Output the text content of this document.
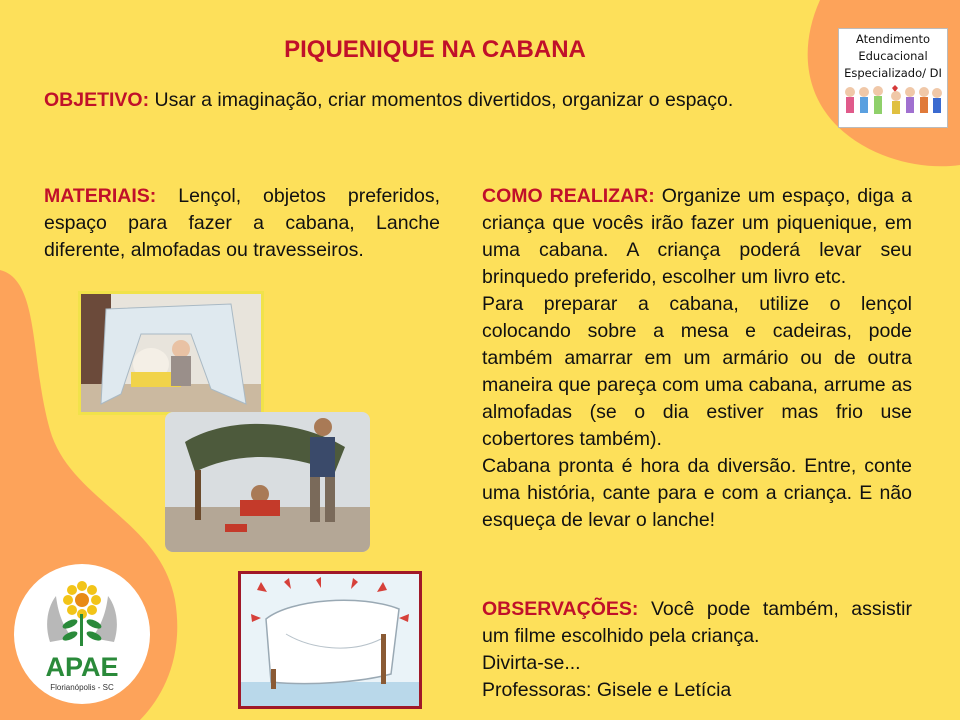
PIQUENIQUE NA CABANA
OBJETIVO: Usar a imaginação, criar momentos divertidos, organizar o espaço.
MATERIAIS: Lençol, objetos preferidos, espaço para fazer a cabana, Lanche diferente, almofadas ou travesseiros.

COMO REALIZAR: Organize um espaço, diga a criança que vocês irão fazer um piquenique, em uma cabana. A criança poderá levar seu brinquedo preferido, escolher um livro etc.

Para preparar a cabana, utilize o lençol colocando sobre a mesa e cadeiras, pode também amarrar em um armário ou de outra maneira que pareça com uma cabana, arrume as almofadas (se o dia estiver mas frio use cobertores também).

Cabana pronta é hora da diversão. Entre, conte uma história, cante para e com a criança. E não esqueça de levar o lanche!

OBSERVAÇÕES: Você pode também, assistir um filme escolhido pela criança.

Divirta-se...

Professoras: Gisele e Letícia

Atendimento
Educacional
Especializado/ DI
APAE
Florianópolis - SC
